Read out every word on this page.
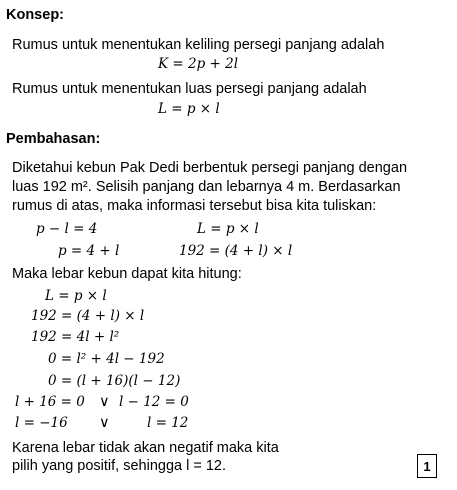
Konsep:
Rumus untuk menentukan keliling persegi panjang adalah
K = 2p + 2l
Rumus untuk menentukan luas persegi panjang adalah
L = p × l
Pembahasan:
Diketahui kebun Pak Dedi berbentuk persegi panjang dengan
luas 192 m². Selisih panjang dan lebarnya 4 m. Berdasarkan
rumus di atas, maka informasi tersebut bisa kita tuliskan:
p − l = 4
p = 4 + l
L = p × l
192 = (4 + l) × l
Maka lebar kebun dapat kita hitung:
L = p × l
192 = (4 + l) × l
192 = 4l + l²
0 = l² + 4l − 192
0 = (l + 16)(l − 12)
l + 16 = 0 ∨ l − 12 = 0
l = −16 ∨	l = 12
Karena lebar tidak akan negatif maka kita
pilih yang positif, sehingga l = 12.	1
